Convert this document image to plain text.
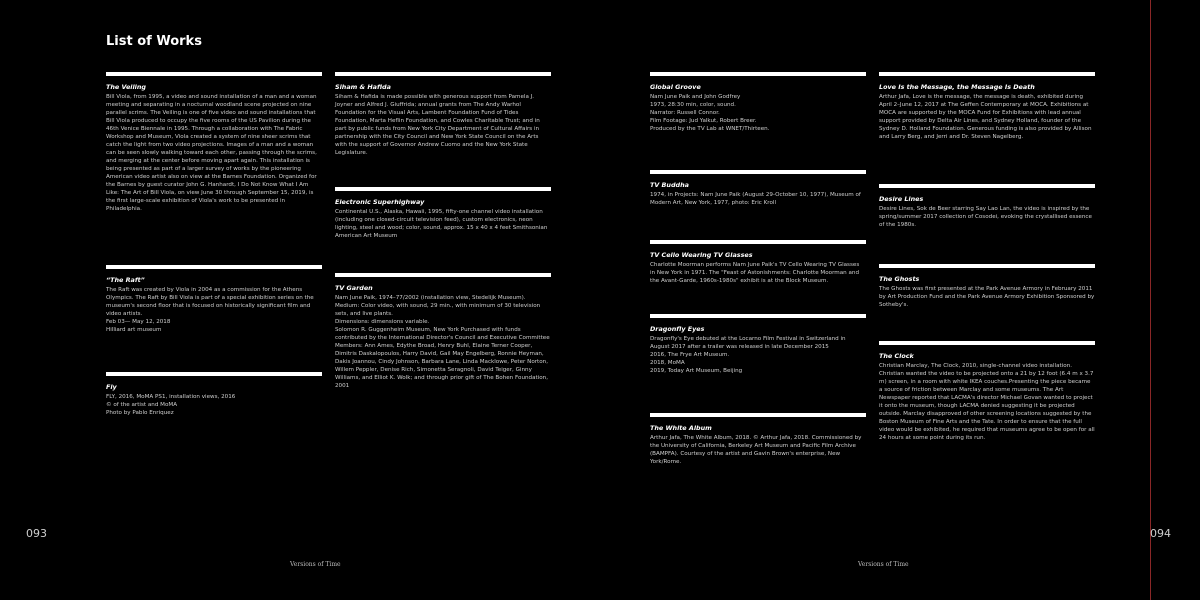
List of Works

The Veiling

Bill Viola, from 1995, a video and sound installation of a man and a woman meeting and separating in a nocturnal woodland scene projected on nine parallel scrims. The Veiling is one of five video and sound installations that Bill Viola produced to occupy the five rooms of the US Pavilion during the 46th Venice Biennale in 1995. Through a collaboration with The Fabric Workshop and Museum, Viola created a system of nine sheer scrims that catch the light from two video projections. Images of a man and a woman can be seen slowly walking toward each other, passing through the scrims, and merging at the center before moving apart again. This installation is being presented as part of a larger survey of works by the pioneering American video artist also on view at the Barnes Foundation. Organized for the Barnes by guest curator John G. Hanhardt, I Do Not Know What I Am Like: The Art of Bill Viola, on view June 30 through September 15, 2019, is the first large-scale exhibition of Viola's work to be presented in Philadelphia.

“The Raft”

The Raft was created by Viola in 2004 as a commission for the Athens Olympics. The Raft by Bill Viola is part of a special exhibition series on the museum's second floor that is focused on historically significant film and video artists.
Feb 03— May 12, 2018
Hilliard art museum

Fly

FLY, 2016, MoMA PS1, installation views, 2016
© of the artist and MoMA
Photo by Pablo Enriquez

Siham & Hafida

Siham & Hafida is made possible with generous support from Pamela J. Joyner and Alfred J. Giuffrida; annual grants from The Andy Warhol Foundation for the Visual Arts, Lambent Foundation Fund of Tides Foundation, Marta Heflin Foundation, and Cowles Charitable Trust; and in part by public funds from New York City Department of Cultural Affairs in partnership with the City Council and New York State Council on the Arts with the support of Governor Andrew Cuomo and the New York State Legislature.

Electronic Superhighway

Continental U.S., Alaska, Hawaii, 1995, fifty-one channel video installation (including one closed-circuit television feed), custom electronics, neon lighting, steel and wood; color, sound, approx. 15 x 40 x 4 feet Smithsonian American Art Museum

TV Garden

Nam June Paik, 1974–77/2002 (installation view, Stedelijk Museum). Medium: Color video, with sound, 29 min., with minimum of 30 television sets, and live plants.
Dimensions: dimensions variable.
Solomon R. Guggenheim Museum, New York Purchased with funds contributed by the International Director's Council and Executive Committee Members: Ann Ames, Edythe Broad, Henry Buhl, Elaine Terner Cooper, Dimitris Daskalopoulos, Harry David, Gail May Engelberg, Ronnie Heyman, Dakis Joannou, Cindy Johnson, Barbara Lane, Linda Macklowe, Peter Norton, Willem Peppler, Denise Rich, Simonetta Seragnoli, David Teiger, Ginny Williams, and Elliot K. Wolk; and through prior gift of The Bohen Foundation, 2001

Global Groove

Nam June Paik and John Godfrey
1973, 28:30 min, color, sound.
Narrator: Russell Connor.
Film Footage: Jud Yalkut, Robert Breer.
Produced by the TV Lab at WNET/Thirteen.

TV Buddha

1974, in Projects: Nam June Paik (August 29-October 10, 1977), Museum of Modern Art, New York, 1977, photo: Eric Kroll

TV Cello Wearing TV Glasses

Charlotte Moorman performs Nam June Paik's TV Cello Wearing TV Glasses in New York in 1971. The "Feast of Astonishments: Charlotte Moorman and the Avant-Garde, 1960s-1980s" exhibit is at the Block Museum.

Dragonfly Eyes

Dragonfly's Eye debuted at the Locarno Film Festival in Switzerland in August 2017 after a trailer was released in late December 2015
2016, The Frye Art Museum.
2018, MoMA
2019, Today Art Museum, Beijing

The White Album

Arthur Jafa, The White Album, 2018. © Arthur Jafa, 2018. Commissioned by the University of California, Berkeley Art Museum and Pacific Film Archive (BAMPFA). Courtesy of the artist and Gavin Brown's enterprise, New York/Rome.

Love Is the Message, the Message Is Death

Arthur Jafa, Love is the message, the message is death, exhibited during April 2–June 12, 2017 at The Geffen Contemporary at MOCA. Exhibitions at MOCA are supported by the MOCA Fund for Exhibitions with lead annual support provided by Delta Air Lines, and Sydney Holland, founder of the Sydney D. Holland Foundation. Generous funding is also provided by Allison and Larry Berg, and Jerri and Dr. Steven Nagelberg.

Desire Lines

Desire Lines, Sok de Beer starring Say Lao Lan, the video is inspired by the spring/summer 2017 collection of Cosodei, evoking the crystallised essence of the 1980s.

The Ghosts

The Ghosts was first presented at the Park Avenue Armory in February 2011 by Art Production Fund and the Park Avenue Armory Exhibition Sponsored by Sotheby's.

The Clock

Christian Marclay, The Clock, 2010, single-channel video installation. Christian wanted the video to be projected onto a 21 by 12 foot (6.4 m x 3.7 m) screen, in a room with white IKEA couches.Presenting the piece became a source of friction between Marclay and some museums. The Art Newspaper reported that LACMA's director Michael Govan wanted to project it onto the museum, though LACMA denied suggesting it be projected outside. Marclay disapproved of other screening locations suggested by the Boston Museum of Fine Arts and the Tate. In order to ensure that the full video would be exhibited, he required that museums agree to be open for all 24 hours at some point during its run.

093	094
Versions of Time	Versions of Time
